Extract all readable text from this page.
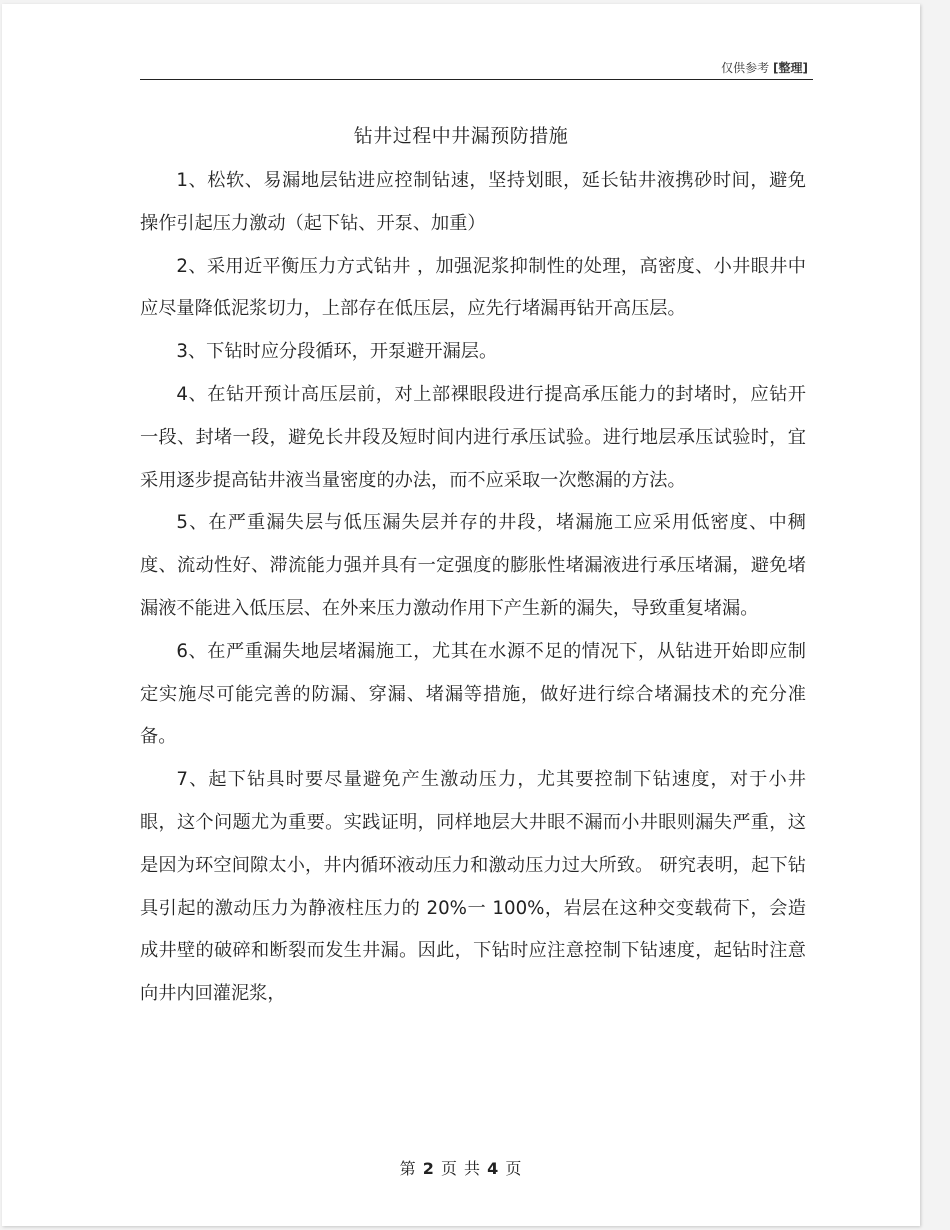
仅供参考 [整理]
钻井过程中井漏预防措施

1、松软、易漏地层钻进应控制钻速，坚持划眼，延长钻井液携砂时间，避免操作引起压力激动（起下钻、开泵、加重）

2、采用近平衡压力方式钻井 ，加强泥浆抑制性的处理，高密度、小井眼井中应尽量降低泥浆切力，上部存在低压层，应先行堵漏再钻开高压层。

3、下钻时应分段循环，开泵避开漏层。

4、在钻开预计高压层前，对上部裸眼段进行提高承压能力的封堵时，应钻开一段、封堵一段，避免长井段及短时间内进行承压试验。进行地层承压试验时，宜采用逐步提高钻井液当量密度的办法，而不应采取一次憋漏的方法。

5、在严重漏失层与低压漏失层并存的井段，堵漏施工应采用低密度、中稠度、流动性好、滞流能力强并具有一定强度的膨胀性堵漏液进行承压堵漏，避免堵漏液不能进入低压层、在外来压力激动作用下产生新的漏失，导致重复堵漏。

6、在严重漏失地层堵漏施工，尤其在水源不足的情况下，从钻进开始即应制定实施尽可能完善的防漏、穿漏、堵漏等措施，做好进行综合堵漏技术的充分准备。

7、起下钻具时要尽量避免产生激动压力，尤其要控制下钻速度，对于小井眼，这个问题尤为重要。实践证明，同样地层大井眼不漏而小井眼则漏失严重，这是因为环空间隙太小，井内循环液动压力和激动压力过大所致。 研究表明，起下钻具引起的激动压力为静液柱压力的 20%一 100%，岩层在这种交变载荷下，会造成井壁的破碎和断裂而发生井漏。因此，下钻时应注意控制下钻速度，起钻时注意向井内回灌泥浆，

第 2 页 共 4 页
